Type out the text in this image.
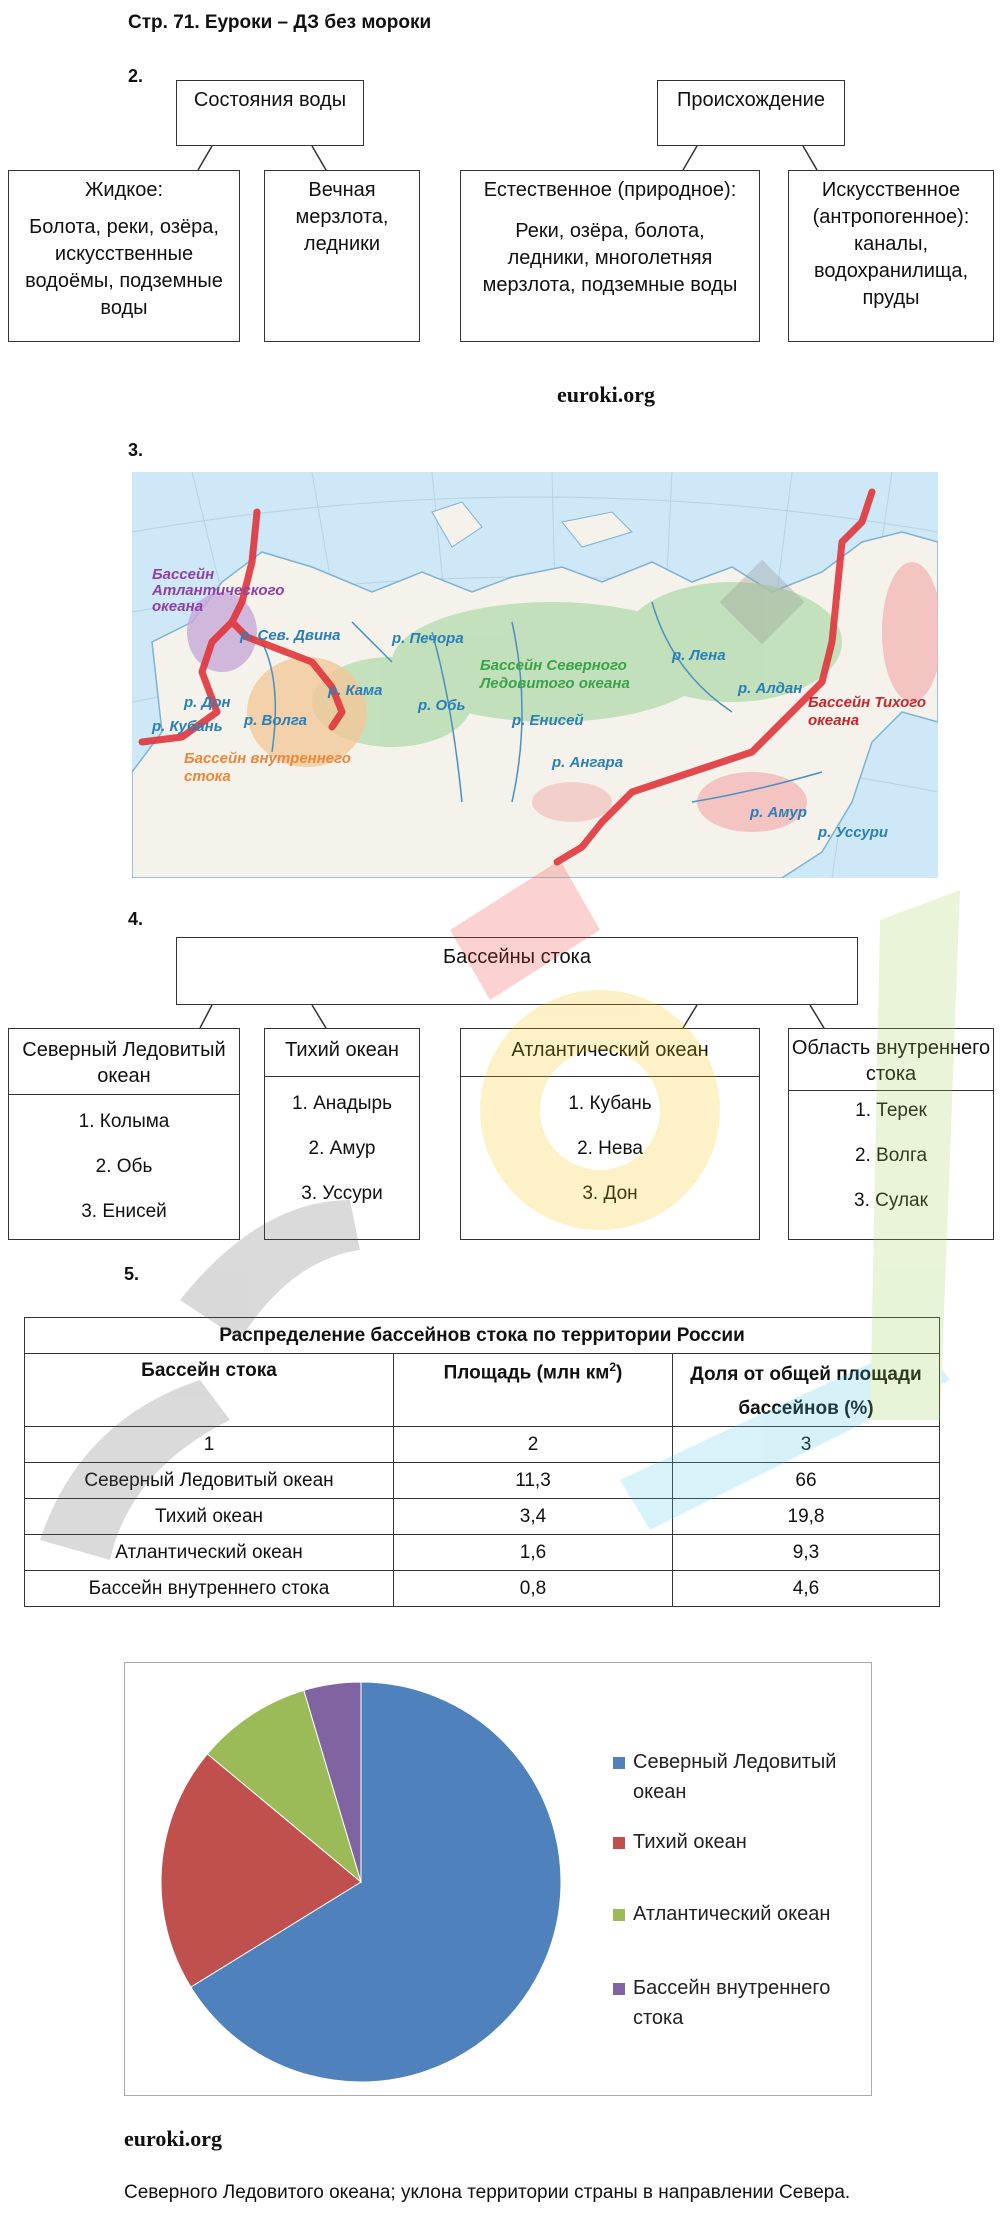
Стр. 71. Еуроки – ДЗ без мороки
2.
Состояния воды
Жидкое:
Болота, реки, озёра, искусственные водоёмы, подземные воды
Вечная мерзлота, ледники
Происхождение
Естественное (природное):
Реки, озёра, болота, ледники, многолетняя мерзлота, подземные воды
Искусственное (антропогенное): каналы, водохранилища, пруды
euroki.org
3.
Бассейн Атлантического океана
р. Сев. Двина	р. Печора
р. Кама
р. Обь
р. Дон
р. Кубань р. Волга
Бассейн внутреннего стока
Бассейн Северного Ледовитого океана
р. Лена
р. Алдан
р. Енисей
р. Ангара
Бассейн Тихого океана
р. Амур
р. Уссури
4.
Бассейны стока
Северный Ледовитый океан
1. Колыма
2. Обь
3. Енисей
Тихий океан
1. Анадырь
2. Амур
3. Уссури
Атлантический океан
1. Кубань
2. Нева
3. Дон
Область внутреннего стока
1. Терек
2. Волга
3. Сулак
5.
Распределение бассейнов стока по территории России		
Бассейн стока	Площадь (млн $км^2$)	Доля от общей площади бассейнов (%)
1	2	3
Северный Ледовитый океан	11,3	66
Тихий океан	3,4	19,8
Атлантический океан	1,6	9,3
Бассейн внутреннего стока	0,8	4,6
Северный Ледовитый океан
Тихий океан
Атлантический океан
Бассейн внутреннего стока
euroki.org
Северного Ледовитого океана; уклона территории страны в направлении Севера.
